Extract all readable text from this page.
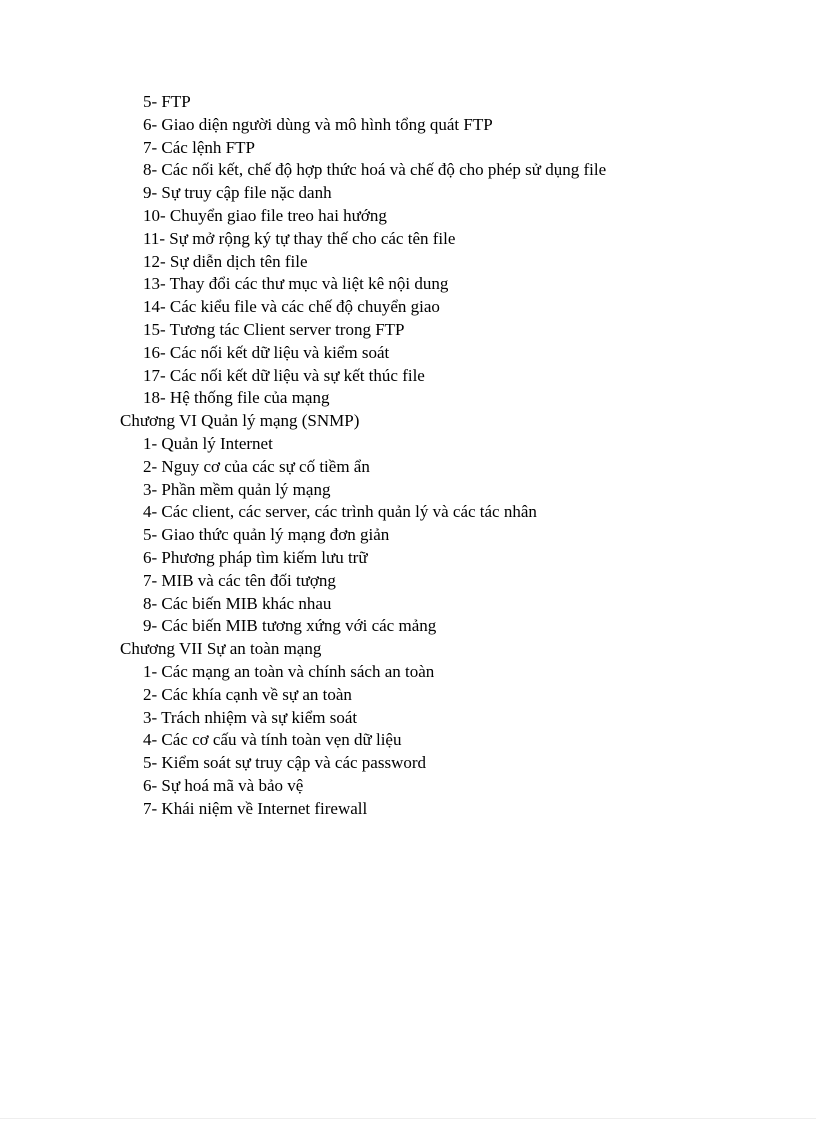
5- FTP
6- Giao diện người dùng và mô hình tổng quát FTP
7- Các lệnh FTP
8- Các nối kết, chế độ hợp thức hoá và chế độ cho phép sử dụng file
9- Sự truy cập file nặc danh
10- Chuyển giao file treo hai hướng
11- Sự mở rộng ký tự thay thế cho các tên file
12- Sự diễn dịch tên file
13- Thay đổi các thư mục và liệt kê nội dung
14- Các kiểu file và các chế độ chuyển giao
15- Tương tác Client server trong FTP
16- Các nối kết dữ liệu và kiểm soát
17- Các nối kết dữ liệu và sự kết thúc file
18- Hệ thống file của mạng
Chương VI Quản lý mạng (SNMP)
1- Quản lý Internet
2- Nguy cơ của các sự cố tiềm ẩn
3- Phần mềm quản lý mạng
4- Các client, các server, các trình quản lý và các tác nhân
5- Giao thức quản lý mạng đơn giản
6- Phương pháp tìm kiếm lưu trữ
7- MIB và các tên đối tượng
8- Các biến MIB khác nhau
9- Các biến MIB tương xứng với các mảng
Chương VII Sự an toàn mạng
1- Các mạng an toàn và chính sách an toàn
2- Các khía cạnh về sự an toàn
3- Trách nhiệm và sự kiểm soát
4- Các cơ cấu và tính toàn vẹn dữ liệu
5- Kiểm soát sự truy cập và các password
6- Sự hoá mã và bảo vệ
7- Khái niệm về Internet firewall
